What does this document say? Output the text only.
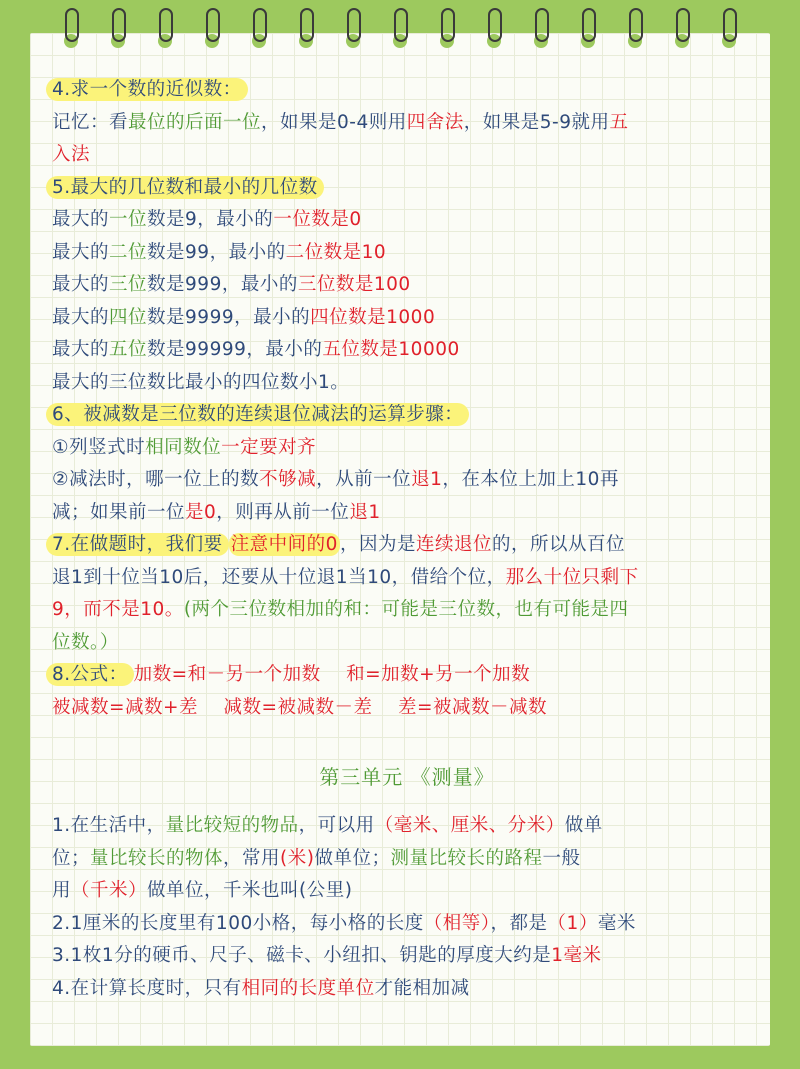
4.求一个数的近似数：
记忆：看最位的后面一位，如果是0-4则用四舍法，如果是5-9就用五
入法
5.最大的几位数和最小的几位数
最大的一位数是9，最小的一位数是0
最大的二位数是99，最小的二位数是10
最大的三位数是999，最小的三位数是100
最大的四位数是9999，最小的四位数是1000
最大的五位数是99999，最小的五位数是10000
最大的三位数比最小的四位数小1。
6、被减数是三位数的连续退位减法的运算步骤：
①列竖式时相同数位一定要对齐
②减法时，哪一位上的数不够减，从前一位退1，在本位上加上10再
减；如果前一位是0，则再从前一位退1
7.在做题时，我们要 注意中间的0 ，因为是连续退位的，所以从百位
退1到十位当10后，还要从十位退1当10，借给个位，那么十位只剩下
9，而不是10。(两个三位数相加的和：可能是三位数，也有可能是四
位数。）
8.公式： 加数=和－另一个加数    和=加数+另一个加数
被减数=减数+差    减数=被减数－差    差=被减数－减数
第三单元 《测量》
1.在生活中，量比较短的物品，可以用（毫米、厘米、分米）做单
位；量比较长的物体，常用(米)做单位；测量比较长的路程一般
用（千米）做单位，千米也叫(公里)
2.1厘米的长度里有100小格，每小格的长度（相等），都是（1）毫米
3.1枚1分的硬币、尺子、磁卡、小纽扣、钥匙的厚度大约是1毫米
4.在计算长度时，只有相同的长度单位才能相加减
